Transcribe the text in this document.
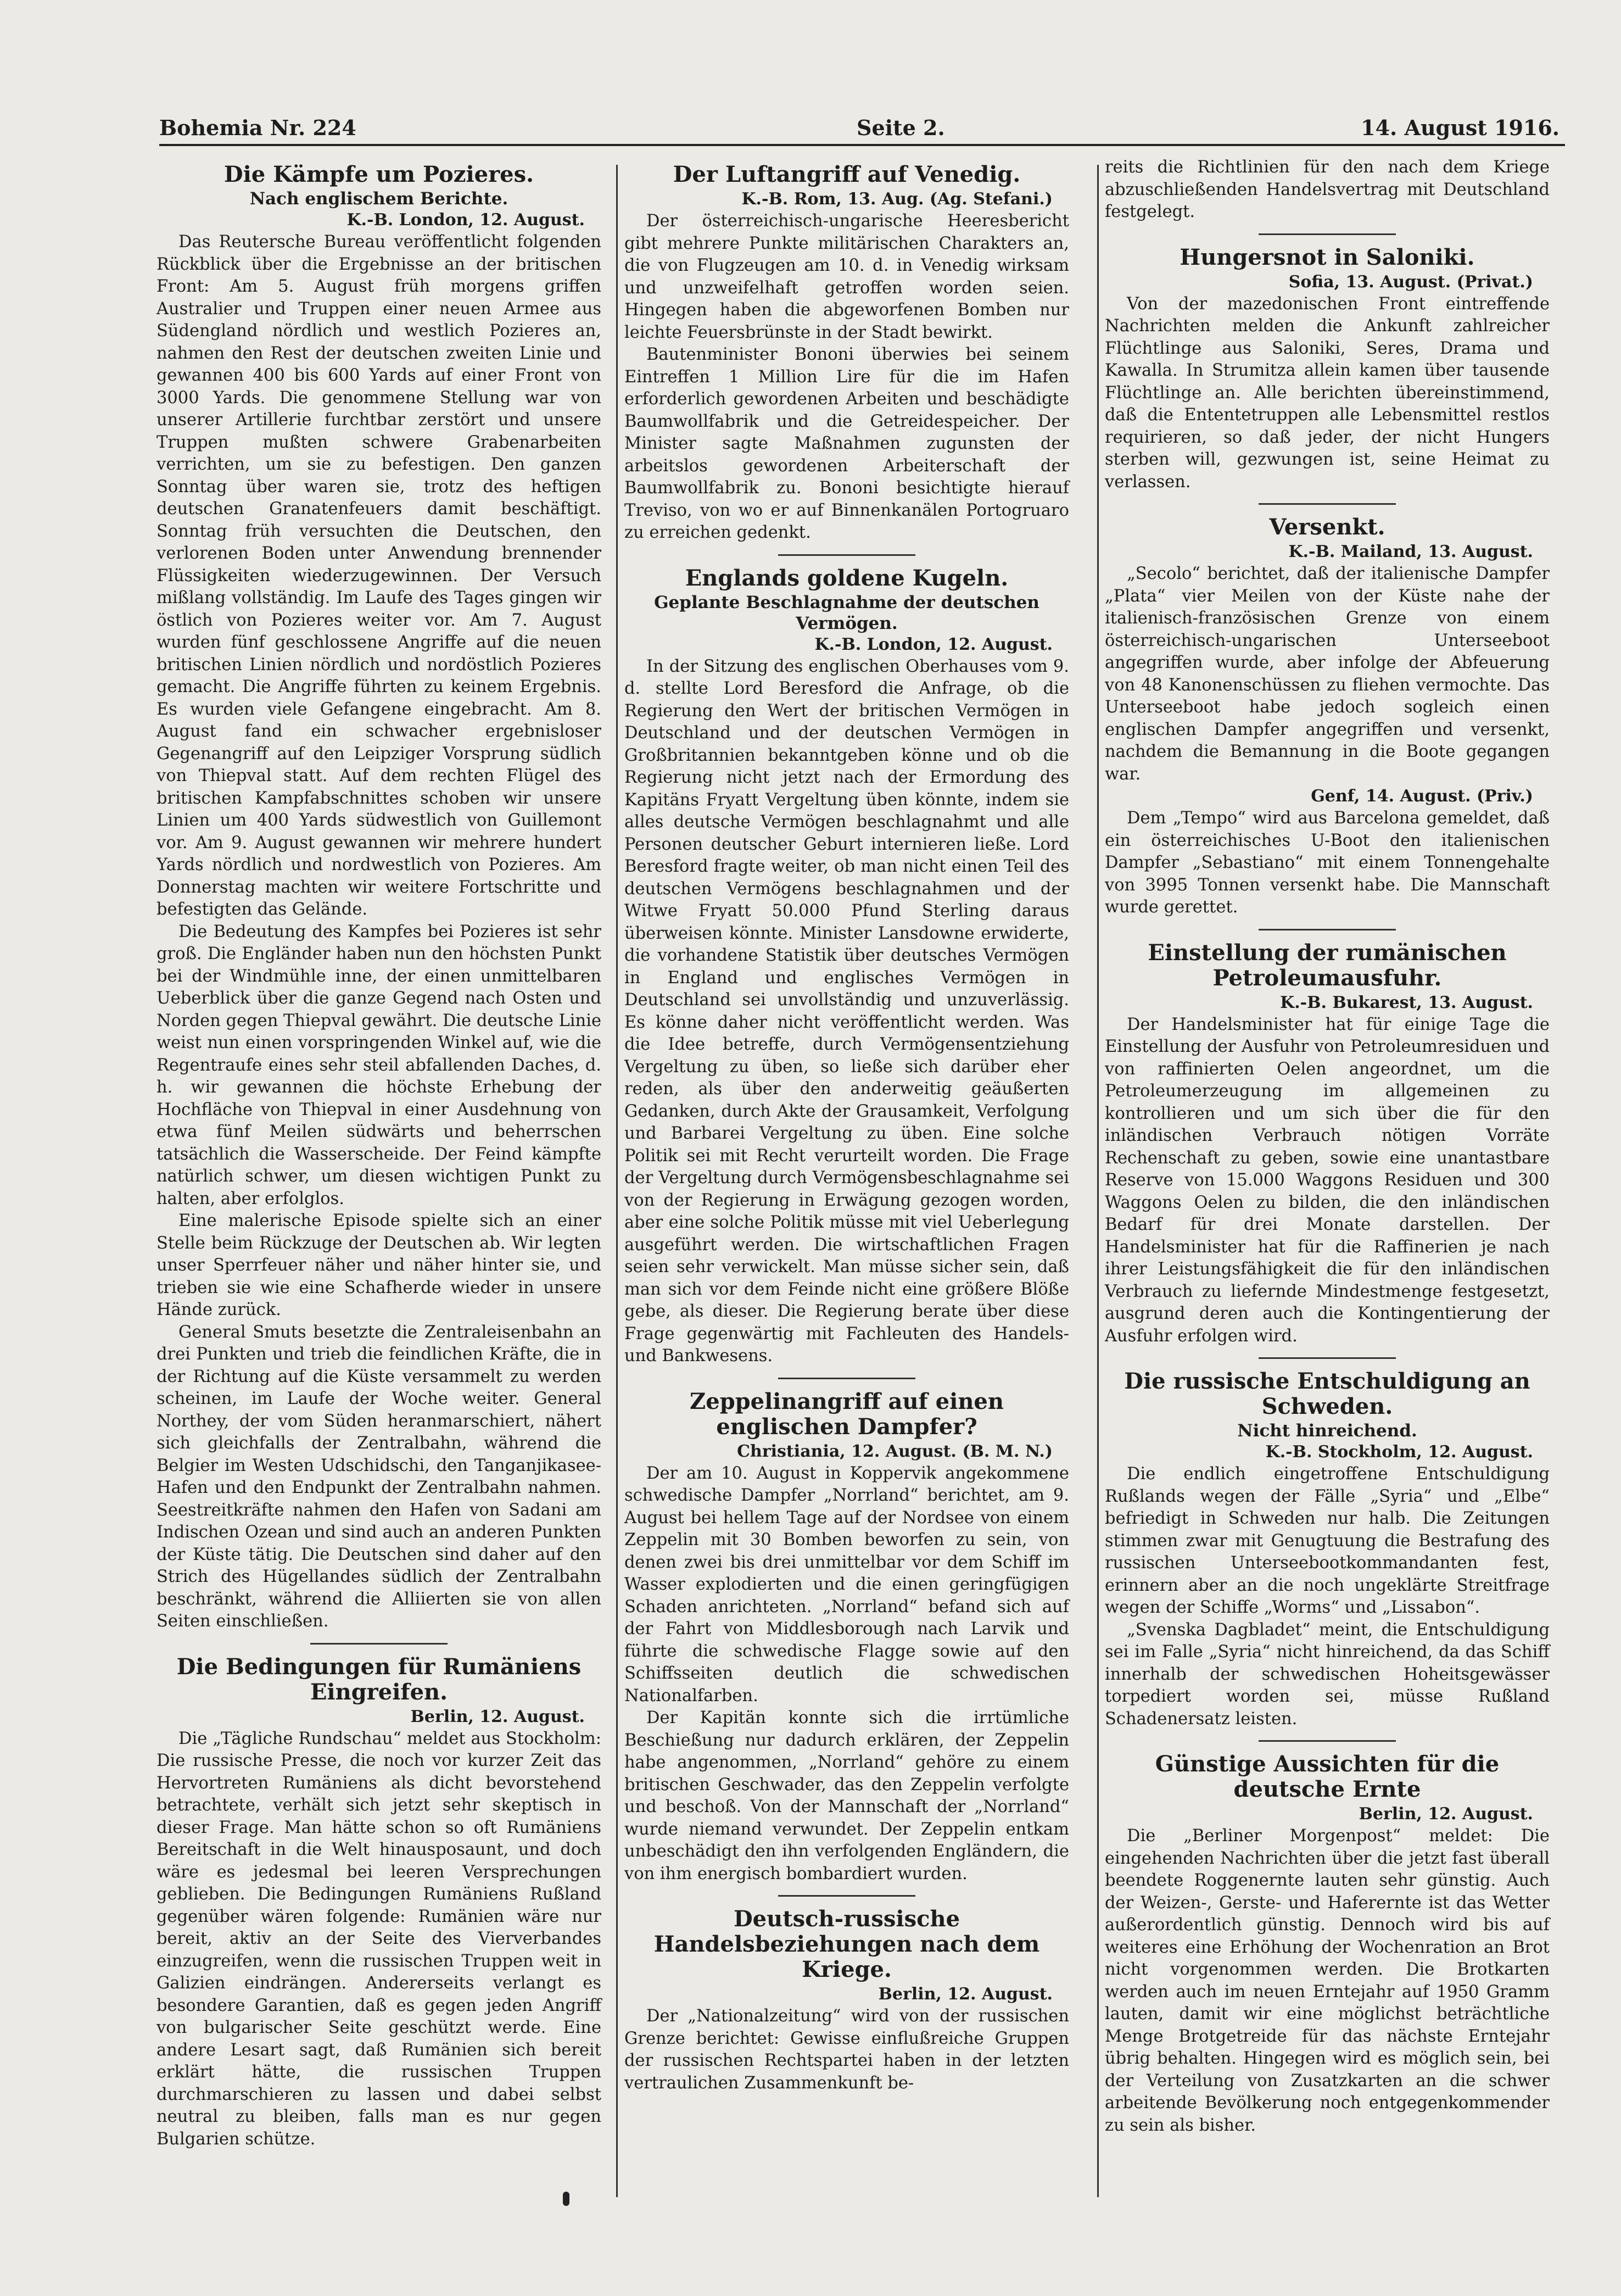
Bohemia Nr. 224	Seite 2.	14. August 1916.
Die Kämpfe um Pozieres.
Nach englischem Berichte.
K.-B. London, 12. August.

Das Reutersche Bureau veröffentlicht folgenden Rückblick über die Ergebnisse an der britischen Front: Am 5. August früh morgens griffen Australier und Truppen einer neuen Armee aus Südengland nördlich und westlich Pozieres an, nahmen den Rest der deutschen zweiten Linie und gewannen 400 bis 600 Yards auf einer Front von 3000 Yards. Die genommene Stellung war von unserer Artillerie furchtbar zerstört und unsere Truppen mußten schwere Grabenarbeiten verrichten, um sie zu befestigen. Den ganzen Sonntag über waren sie, trotz des heftigen deutschen Granatenfeuers damit beschäftigt. Sonntag früh versuchten die Deutschen, den verlorenen Boden unter Anwendung brennender Flüssigkeiten wiederzugewinnen. Der Versuch mißlang vollständig. Im Laufe des Tages gingen wir östlich von Pozieres weiter vor. Am 7. August wurden fünf geschlossene Angriffe auf die neuen britischen Linien nördlich und nordöstlich Pozieres gemacht. Die Angriffe führten zu keinem Ergebnis. Es wurden viele Gefangene eingebracht. Am 8. August fand ein schwacher ergebnisloser Gegenangriff auf den Leipziger Vorsprung südlich von Thiepval statt. Auf dem rechten Flügel des britischen Kampfabschnittes schoben wir unsere Linien um 400 Yards südwestlich von Guillemont vor. Am 9. August gewannen wir mehrere hundert Yards nördlich und nordwestlich von Pozieres. Am Donnerstag machten wir weitere Fortschritte und befestigten das Gelände.

Die Bedeutung des Kampfes bei Pozieres ist sehr groß. Die Engländer haben nun den höchsten Punkt bei der Windmühle inne, der einen unmittelbaren Ueberblick über die ganze Gegend nach Osten und Norden gegen Thiepval gewährt. Die deutsche Linie weist nun einen vorspringenden Winkel auf, wie die Regentraufe eines sehr steil abfallenden Daches, d. h. wir gewannen die höchste Erhebung der Hochfläche von Thiepval in einer Ausdehnung von etwa fünf Meilen südwärts und beherrschen tatsächlich die Wasserscheide. Der Feind kämpfte natürlich schwer, um diesen wichtigen Punkt zu halten, aber erfolglos.

Eine malerische Episode spielte sich an einer Stelle beim Rückzuge der Deutschen ab. Wir legten unser Sperrfeuer näher und näher hinter sie, und trieben sie wie eine Schafherde wieder in unsere Hände zurück.

General Smuts besetzte die Zentraleisenbahn an drei Punkten und trieb die feindlichen Kräfte, die in der Richtung auf die Küste versammelt zu werden scheinen, im Laufe der Woche weiter. General Northey, der vom Süden heranmarschiert, nähert sich gleichfalls der Zentralbahn, während die Belgier im Westen Udschidschi, den Tanganjikasee-Hafen und den Endpunkt der Zentralbahn nahmen. Seestreitkräfte nahmen den Hafen von Sadani am Indischen Ozean und sind auch an anderen Punkten der Küste tätig. Die Deutschen sind daher auf den Strich des Hügellandes südlich der Zentralbahn beschränkt, während die Alliierten sie von allen Seiten einschließen.

Die Bedingungen für Rumäniens Eingreifen.
Berlin, 12. August.

Die „Tägliche Rundschau“ meldet aus Stockholm: Die russische Presse, die noch vor kurzer Zeit das Hervortreten Rumäniens als dicht bevorstehend betrachtete, verhält sich jetzt sehr skeptisch in dieser Frage. Man hätte schon so oft Rumäniens Bereitschaft in die Welt hinausposaunt, und doch wäre es jedesmal bei leeren Versprechungen geblieben. Die Bedingungen Rumäniens Rußland gegenüber wären folgende: Rumänien wäre nur bereit, aktiv an der Seite des Vierverbandes einzugreifen, wenn die russischen Truppen weit in Galizien eindrängen. Andererseits verlangt es besondere Garantien, daß es gegen jeden Angriff von bulgarischer Seite geschützt werde. Eine andere Lesart sagt, daß Rumänien sich bereit erklärt hätte, die russischen Truppen durchmarschieren zu lassen und dabei selbst neutral zu bleiben, falls man es nur gegen Bulgarien schütze.

Der Luftangriff auf Venedig.
K.-B. Rom, 13. Aug. (Ag. Stefani.)

Der österreichisch-ungarische Heeresbericht gibt mehrere Punkte militärischen Charakters an, die von Flugzeugen am 10. d. in Venedig wirksam und unzweifelhaft getroffen worden seien. Hingegen haben die abgeworfenen Bomben nur leichte Feuersbrünste in der Stadt bewirkt.

Bautenminister Bononi überwies bei seinem Eintreffen 1 Million Lire für die im Hafen erforderlich gewordenen Arbeiten und beschädigte Baumwollfabrik und die Getreidespeicher. Der Minister sagte Maßnahmen zugunsten der arbeitslos gewordenen Arbeiterschaft der Baumwollfabrik zu. Bononi besichtigte hierauf Treviso, von wo er auf Binnenkanälen Portogruaro zu erreichen gedenkt.

Englands goldene Kugeln.
Geplante Beschlagnahme der deutschen Vermögen.
K.-B. London, 12. August.

In der Sitzung des englischen Oberhauses vom 9. d. stellte Lord Beresford die Anfrage, ob die Regierung den Wert der britischen Vermögen in Deutschland und der deutschen Vermögen in Großbritannien bekanntgeben könne und ob die Regierung nicht jetzt nach der Ermordung des Kapitäns Fryatt Vergeltung üben könnte, indem sie alles deutsche Vermögen beschlagnahmt und alle Personen deutscher Geburt internieren ließe. Lord Beresford fragte weiter, ob man nicht einen Teil des deutschen Vermögens beschlagnahmen und der Witwe Fryatt 50.000 Pfund Sterling daraus überweisen könnte. Minister Lansdowne erwiderte, die vorhandene Statistik über deutsches Vermögen in England und englisches Vermögen in Deutschland sei unvollständig und unzuverlässig. Es könne daher nicht veröffentlicht werden. Was die Idee betreffe, durch Vermögensentziehung Vergeltung zu üben, so ließe sich darüber eher reden, als über den anderweitig geäußerten Gedanken, durch Akte der Grausamkeit, Verfolgung und Barbarei Vergeltung zu üben. Eine solche Politik sei mit Recht verurteilt worden. Die Frage der Vergeltung durch Vermögensbeschlagnahme sei von der Regierung in Erwägung gezogen worden, aber eine solche Politik müsse mit viel Ueberlegung ausgeführt werden. Die wirtschaftlichen Fragen seien sehr verwickelt. Man müsse sicher sein, daß man sich vor dem Feinde nicht eine größere Blöße gebe, als dieser. Die Regierung berate über diese Frage gegenwärtig mit Fachleuten des Handels- und Bankwesens.

Zeppelinangriff auf einen englischen Dampfer?
Christiania, 12. August. (B. M. N.)

Der am 10. August in Koppervik angekommene schwedische Dampfer „Norrland“ berichtet, am 9. August bei hellem Tage auf der Nordsee von einem Zeppelin mit 30 Bomben beworfen zu sein, von denen zwei bis drei unmittelbar vor dem Schiff im Wasser explodierten und die einen geringfügigen Schaden anrichteten. „Norrland“ befand sich auf der Fahrt von Middlesborough nach Larvik und führte die schwedische Flagge sowie auf den Schiffsseiten deutlich die schwedischen Nationalfarben.

Der Kapitän konnte sich die irrtümliche Beschießung nur dadurch erklären, der Zeppelin habe angenommen, „Norrland“ gehöre zu einem britischen Geschwader, das den Zeppelin verfolgte und beschoß. Von der Mannschaft der „Norrland“ wurde niemand verwundet. Der Zeppelin entkam unbeschädigt den ihn verfolgenden Engländern, die von ihm energisch bombardiert wurden.

Deutsch-russische Handelsbeziehungen nach dem Kriege.
Berlin, 12. August.

Der „Nationalzeitung“ wird von der russischen Grenze berichtet: Gewisse einflußreiche Gruppen der russischen Rechtspartei haben in der letzten vertraulichen Zusammenkunft be-

reits die Richtlinien für den nach dem Kriege abzuschließenden Handelsvertrag mit Deutschland festgelegt.

Hungersnot in Saloniki.
Sofia, 13. August. (Privat.)

Von der mazedonischen Front eintreffende Nachrichten melden die Ankunft zahlreicher Flüchtlinge aus Saloniki, Seres, Drama und Kawalla. In Strumitza allein kamen über tausende Flüchtlinge an. Alle berichten übereinstimmend, daß die Ententetruppen alle Lebensmittel restlos requirieren, so daß jeder, der nicht Hungers sterben will, gezwungen ist, seine Heimat zu verlassen.

Versenkt.
K.-B. Mailand, 13. August.

„Secolo“ berichtet, daß der italienische Dampfer „Plata“ vier Meilen von der Küste nahe der italienisch-französischen Grenze von einem österreichisch-ungarischen Unterseeboot angegriffen wurde, aber infolge der Abfeuerung von 48 Kanonenschüssen zu fliehen vermochte. Das Unterseeboot habe jedoch sogleich einen englischen Dampfer angegriffen und versenkt, nachdem die Bemannung in die Boote gegangen war.

Genf, 14. August. (Priv.)

Dem „Tempo“ wird aus Barcelona gemeldet, daß ein österreichisches U-Boot den italienischen Dampfer „Sebastiano“ mit einem Tonnengehalte von 3995 Tonnen versenkt habe. Die Mannschaft wurde gerettet.

Einstellung der rumänischen Petroleumausfuhr.
K.-B. Bukarest, 13. August.

Der Handelsminister hat für einige Tage die Einstellung der Ausfuhr von Petroleumresiduen und von raffinierten Oelen angeordnet, um die Petroleumerzeugung im allgemeinen zu kontrollieren und um sich über die für den inländischen Verbrauch nötigen Vorräte Rechenschaft zu geben, sowie eine unantastbare Reserve von 15.000 Waggons Residuen und 300 Waggons Oelen zu bilden, die den inländischen Bedarf für drei Monate darstellen. Der Handelsminister hat für die Raffinerien je nach ihrer Leistungsfähigkeit die für den inländischen Verbrauch zu liefernde Mindestmenge festgesetzt, ausgrund deren auch die Kontingentierung der Ausfuhr erfolgen wird.

Die russische Entschuldigung an Schweden.
Nicht hinreichend.
K.-B. Stockholm, 12. August.

Die endlich eingetroffene Entschuldigung Rußlands wegen der Fälle „Syria“ und „Elbe“ befriedigt in Schweden nur halb. Die Zeitungen stimmen zwar mit Genugtuung die Bestrafung des russischen Unterseebootkommandanten fest, erinnern aber an die noch ungeklärte Streitfrage wegen der Schiffe „Worms“ und „Lissabon“.

„Svenska Dagbladet“ meint, die Entschuldigung sei im Falle „Syria“ nicht hinreichend, da das Schiff innerhalb der schwedischen Hoheitsgewässer torpediert worden sei, müsse Rußland Schadenersatz leisten.

Günstige Aussichten für die deutsche Ernte
Berlin, 12. August.

Die „Berliner Morgenpost“ meldet: Die eingehenden Nachrichten über die jetzt fast überall beendete Roggenernte lauten sehr günstig. Auch der Weizen-, Gerste- und Haferernte ist das Wetter außerordentlich günstig. Dennoch wird bis auf weiteres eine Erhöhung der Wochenration an Brot nicht vorgenommen werden. Die Brotkarten werden auch im neuen Erntejahr auf 1950 Gramm lauten, damit wir eine möglichst beträchtliche Menge Brotgetreide für das nächste Erntejahr übrig behalten. Hingegen wird es möglich sein, bei der Verteilung von Zusatzkarten an die schwer arbeitende Bevölkerung noch entgegenkommender zu sein als bisher.
